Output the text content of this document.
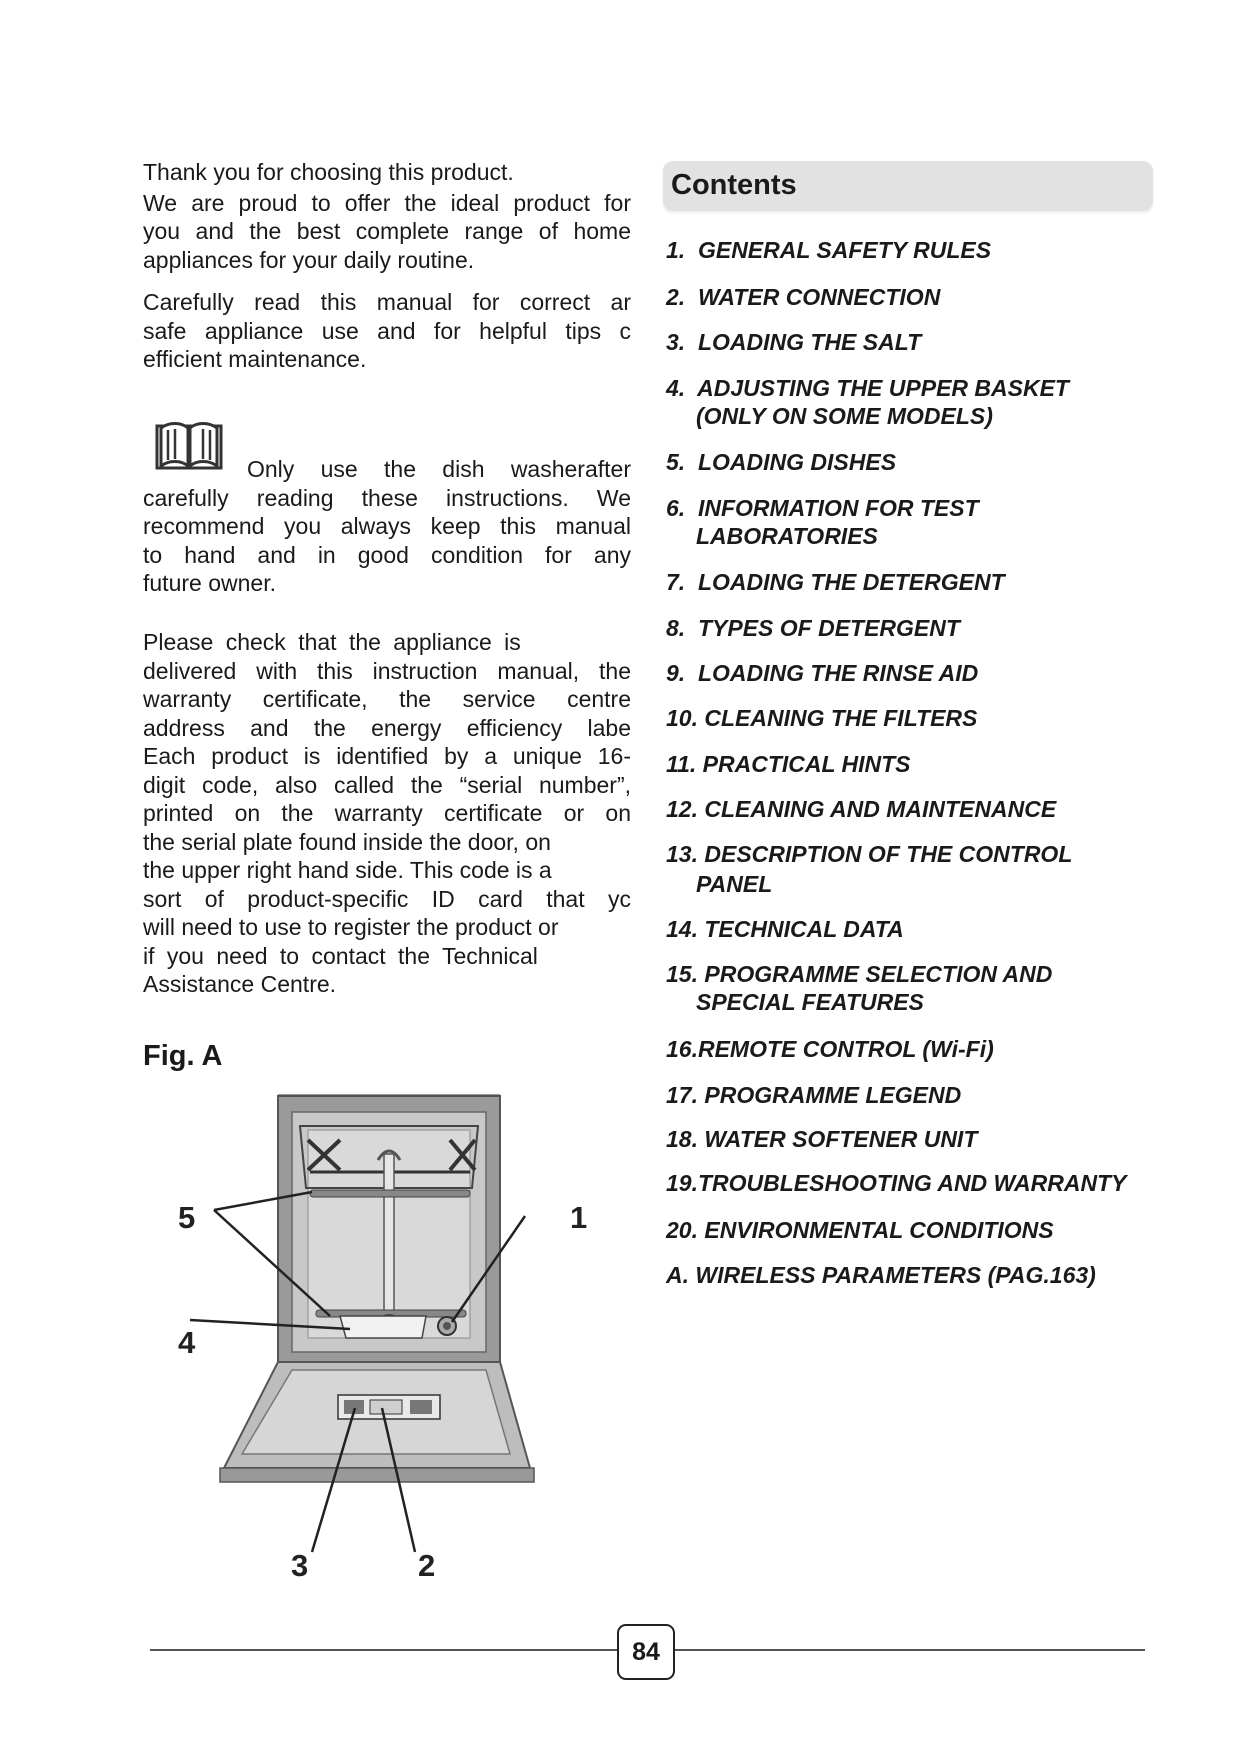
Thank you for choosing this product.
We are proud to offer the ideal product for
you and the best complete range of home
appliances for your daily routine.
Carefully read this manual for correct ar
safe appliance use and for helpful tips c
efficient maintenance.
Only use the dish washerafter
carefully reading these instructions. We
recommend you always keep this manual
to hand and in good condition for any
future owner.
Please check that the appliance is
delivered with this instruction manual, the
warranty certificate, the service centre
address and the energy efficiency labe
Each product is identified by a unique 16-
digit code, also called the “serial number”,
printed on the warranty certificate or on
the serial plate found inside the door, on
the upper right hand side. This code is a
sort of product-specific ID card that yc
will need to use to register the product or
if you need to contact the Technical
Assistance Centre.

Fig. A

5	1
4
3	2
Contents
1.  GENERAL SAFETY RULES
2.  WATER CONNECTION
3.  LOADING THE SALT
4.  ADJUSTING THE UPPER BASKET
(ONLY ON SOME MODELS)
5.  LOADING DISHES
6.  INFORMATION FOR TEST
LABORATORIES
7.  LOADING THE DETERGENT
8.  TYPES OF DETERGENT
9.  LOADING THE RINSE AID
10. CLEANING THE FILTERS
11. PRACTICAL HINTS
12. CLEANING AND MAINTENANCE
13. DESCRIPTION OF THE CONTROL
PANEL
14. TECHNICAL DATA
15. PROGRAMME SELECTION AND
SPECIAL FEATURES
16.REMOTE CONTROL (Wi-Fi)
17. PROGRAMME LEGEND
18. WATER SOFTENER UNIT
19.TROUBLESHOOTING AND WARRANTY
20. ENVIRONMENTAL CONDITIONS
A. WIRELESS PARAMETERS (PAG.163)
84
